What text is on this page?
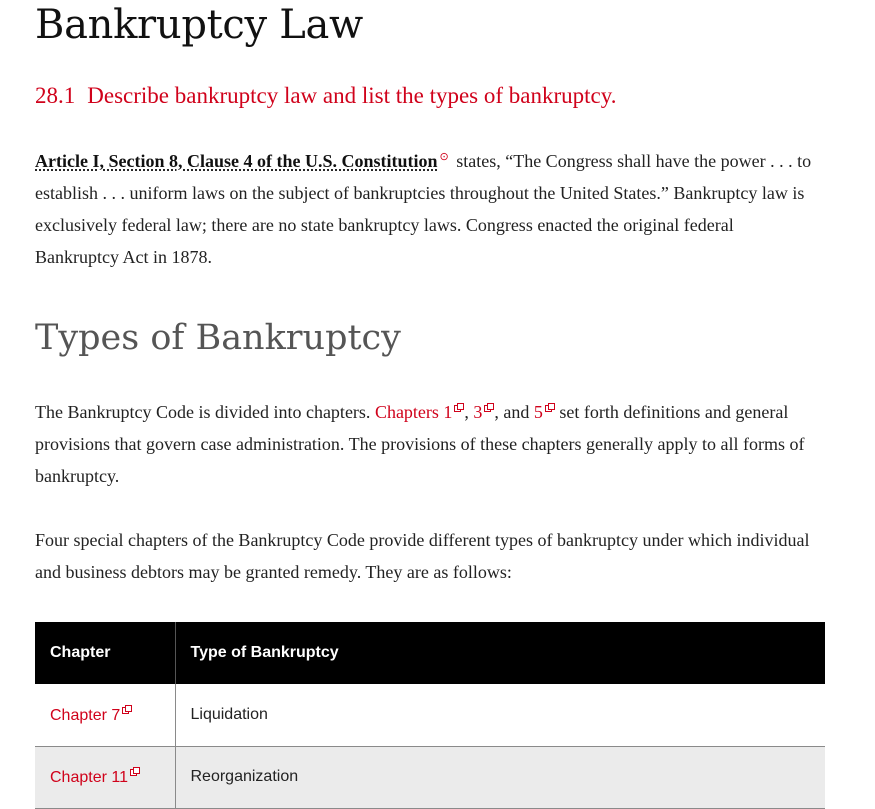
Bankruptcy Law
28.1 Describe bankruptcy law and list the types of bankruptcy.
Article I, Section 8, Clause 4 of the U.S. Constitution ⊙ states, “The Congress shall have the power . . . to establish . . . uniform laws on the subject of bankruptcies throughout the United States.” Bankruptcy law is exclusively federal law; there are no state bankruptcy laws. Congress enacted the original federal Bankruptcy Act in 1878.
Types of Bankruptcy
The Bankruptcy Code is divided into chapters. Chapters 1 , 3 , and 5 set forth definitions and general provisions that govern case administration. The provisions of these chapters generally apply to all forms of bankruptcy.
Four special chapters of the Bankruptcy Code provide different types of bankruptcy under which individual and business debtors may be granted remedy. They are as follows:
Chapter	Type of Bankruptcy
Chapter 7	Liquidation
Chapter 11	Reorganization
